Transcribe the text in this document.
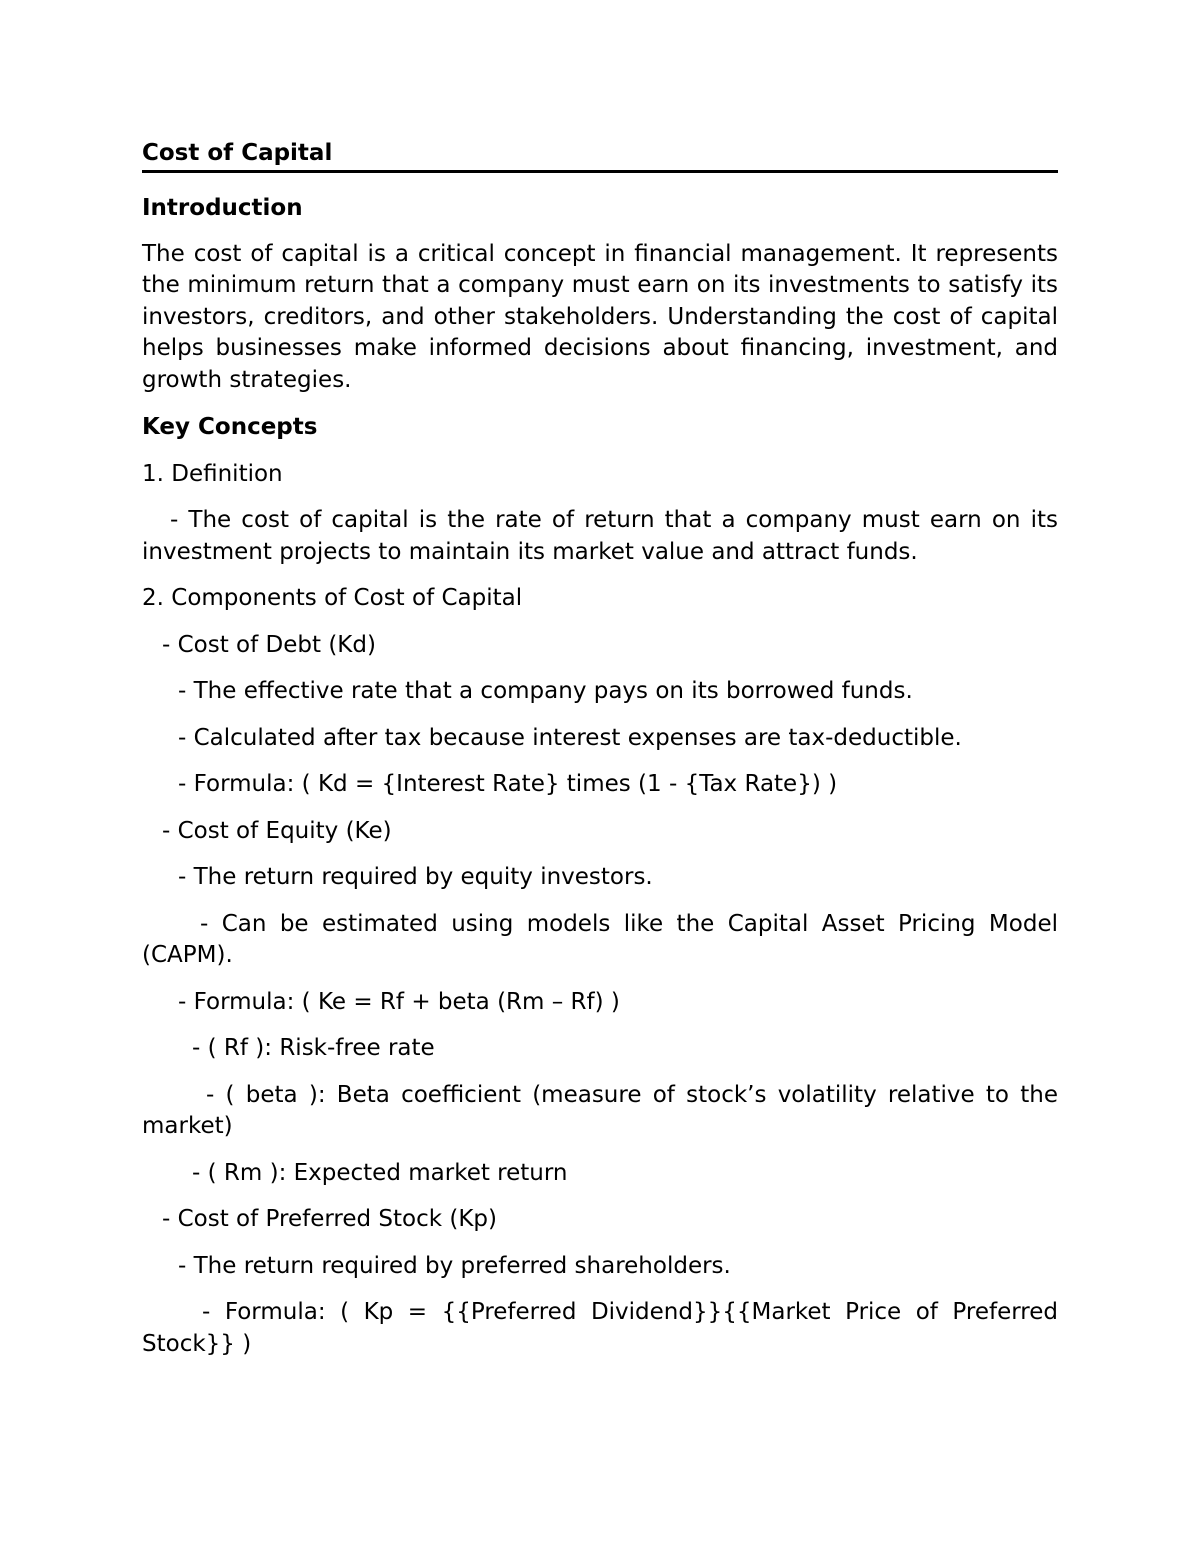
Cost of Capital
Introduction
The cost of capital is a critical concept in financial management. It represents the minimum return that a company must earn on its investments to satisfy its investors, creditors, and other stakeholders. Understanding the cost of capital helps businesses make informed decisions about financing, investment, and growth strategies.
Key Concepts
1. Definition
- The cost of capital is the rate of return that a company must earn on its investment projects to maintain its market value and attract funds.
2. Components of Cost of Capital
- Cost of Debt (Kd)
- The effective rate that a company pays on its borrowed funds.
- Calculated after tax because interest expenses are tax-deductible.
- Formula: ( Kd = {Interest Rate} times (1 - {Tax Rate}) )
- Cost of Equity (Ke)
- The return required by equity investors.
- Can be estimated using models like the Capital Asset Pricing Model (CAPM).
- Formula: ( Ke = Rf + beta (Rm – Rf) )
- ( Rf ): Risk-free rate
- ( beta ): Beta coefficient (measure of stock’s volatility relative to the market)
- ( Rm ): Expected market return
- Cost of Preferred Stock (Kp)
- The return required by preferred shareholders.
- Formula: ( Kp = {{Preferred Dividend}}{{Market Price of Preferred Stock}} )
